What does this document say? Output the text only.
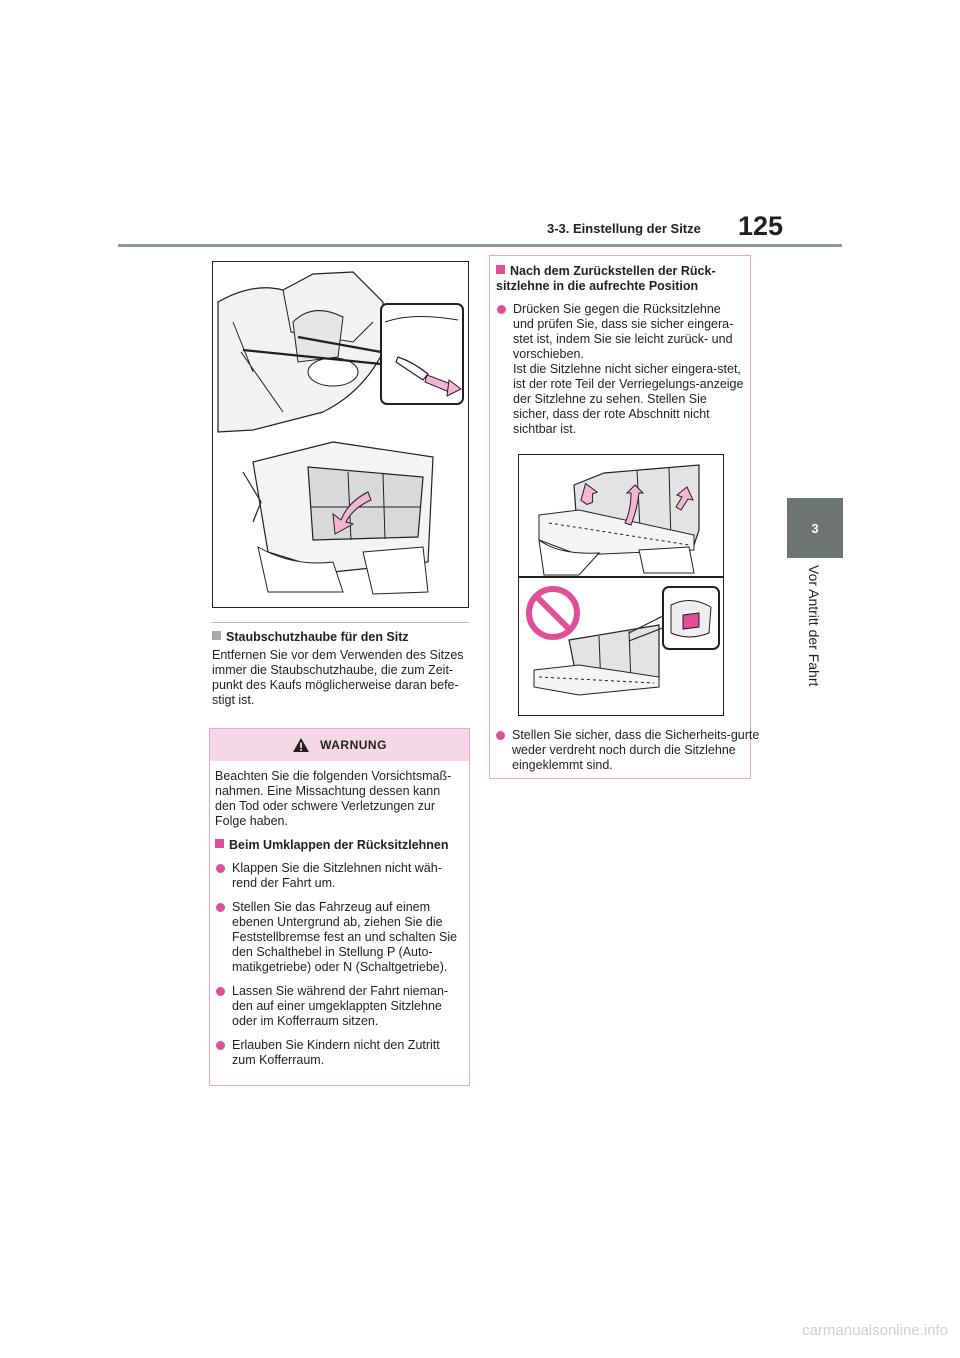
3-3. Einstellung der Sitze 125
3
Vor Antritt der Fahrt
Staubschutzhaube für den Sitz
Entfernen Sie vor dem Verwenden des Sitzes immer die Staubschutzhaube, die zum Zeit-punkt des Kaufs möglicherweise daran befe-stigt ist.
WARNUNG
Beachten Sie die folgenden Vorsichtsmaß-nahmen. Eine Missachtung dessen kann den Tod oder schwere Verletzungen zur Folge haben.
Beim Umklappen der Rücksitzlehnen
Klappen Sie die Sitzlehnen nicht wäh-rend der Fahrt um.
Stellen Sie das Fahrzeug auf einem ebenen Untergrund ab, ziehen Sie die Feststellbremse fest an und schalten Sie den Schalthebel in Stellung P (Auto-matikgetriebe) oder N (Schaltgetriebe).
Lassen Sie während der Fahrt nieman-den auf einer umgeklappten Sitzlehne oder im Kofferraum sitzen.
Erlauben Sie Kindern nicht den Zutritt zum Kofferraum.
Nach dem Zurückstellen der Rück-sitzlehne in die aufrechte Position
Drücken Sie gegen die Rücksitzlehne und prüfen Sie, dass sie sicher eingera-stet ist, indem Sie sie leicht zurück- und vorschieben.
Ist die Sitzlehne nicht sicher eingera-stet, ist der rote Teil der Verriegelungs-anzeige der Sitzlehne zu sehen. Stellen Sie sicher, dass der rote Abschnitt nicht sichtbar ist.
Stellen Sie sicher, dass die Sicherheits-gurte weder verdreht noch durch die Sitzlehne eingeklemmt sind.
carmanualsonline.info
